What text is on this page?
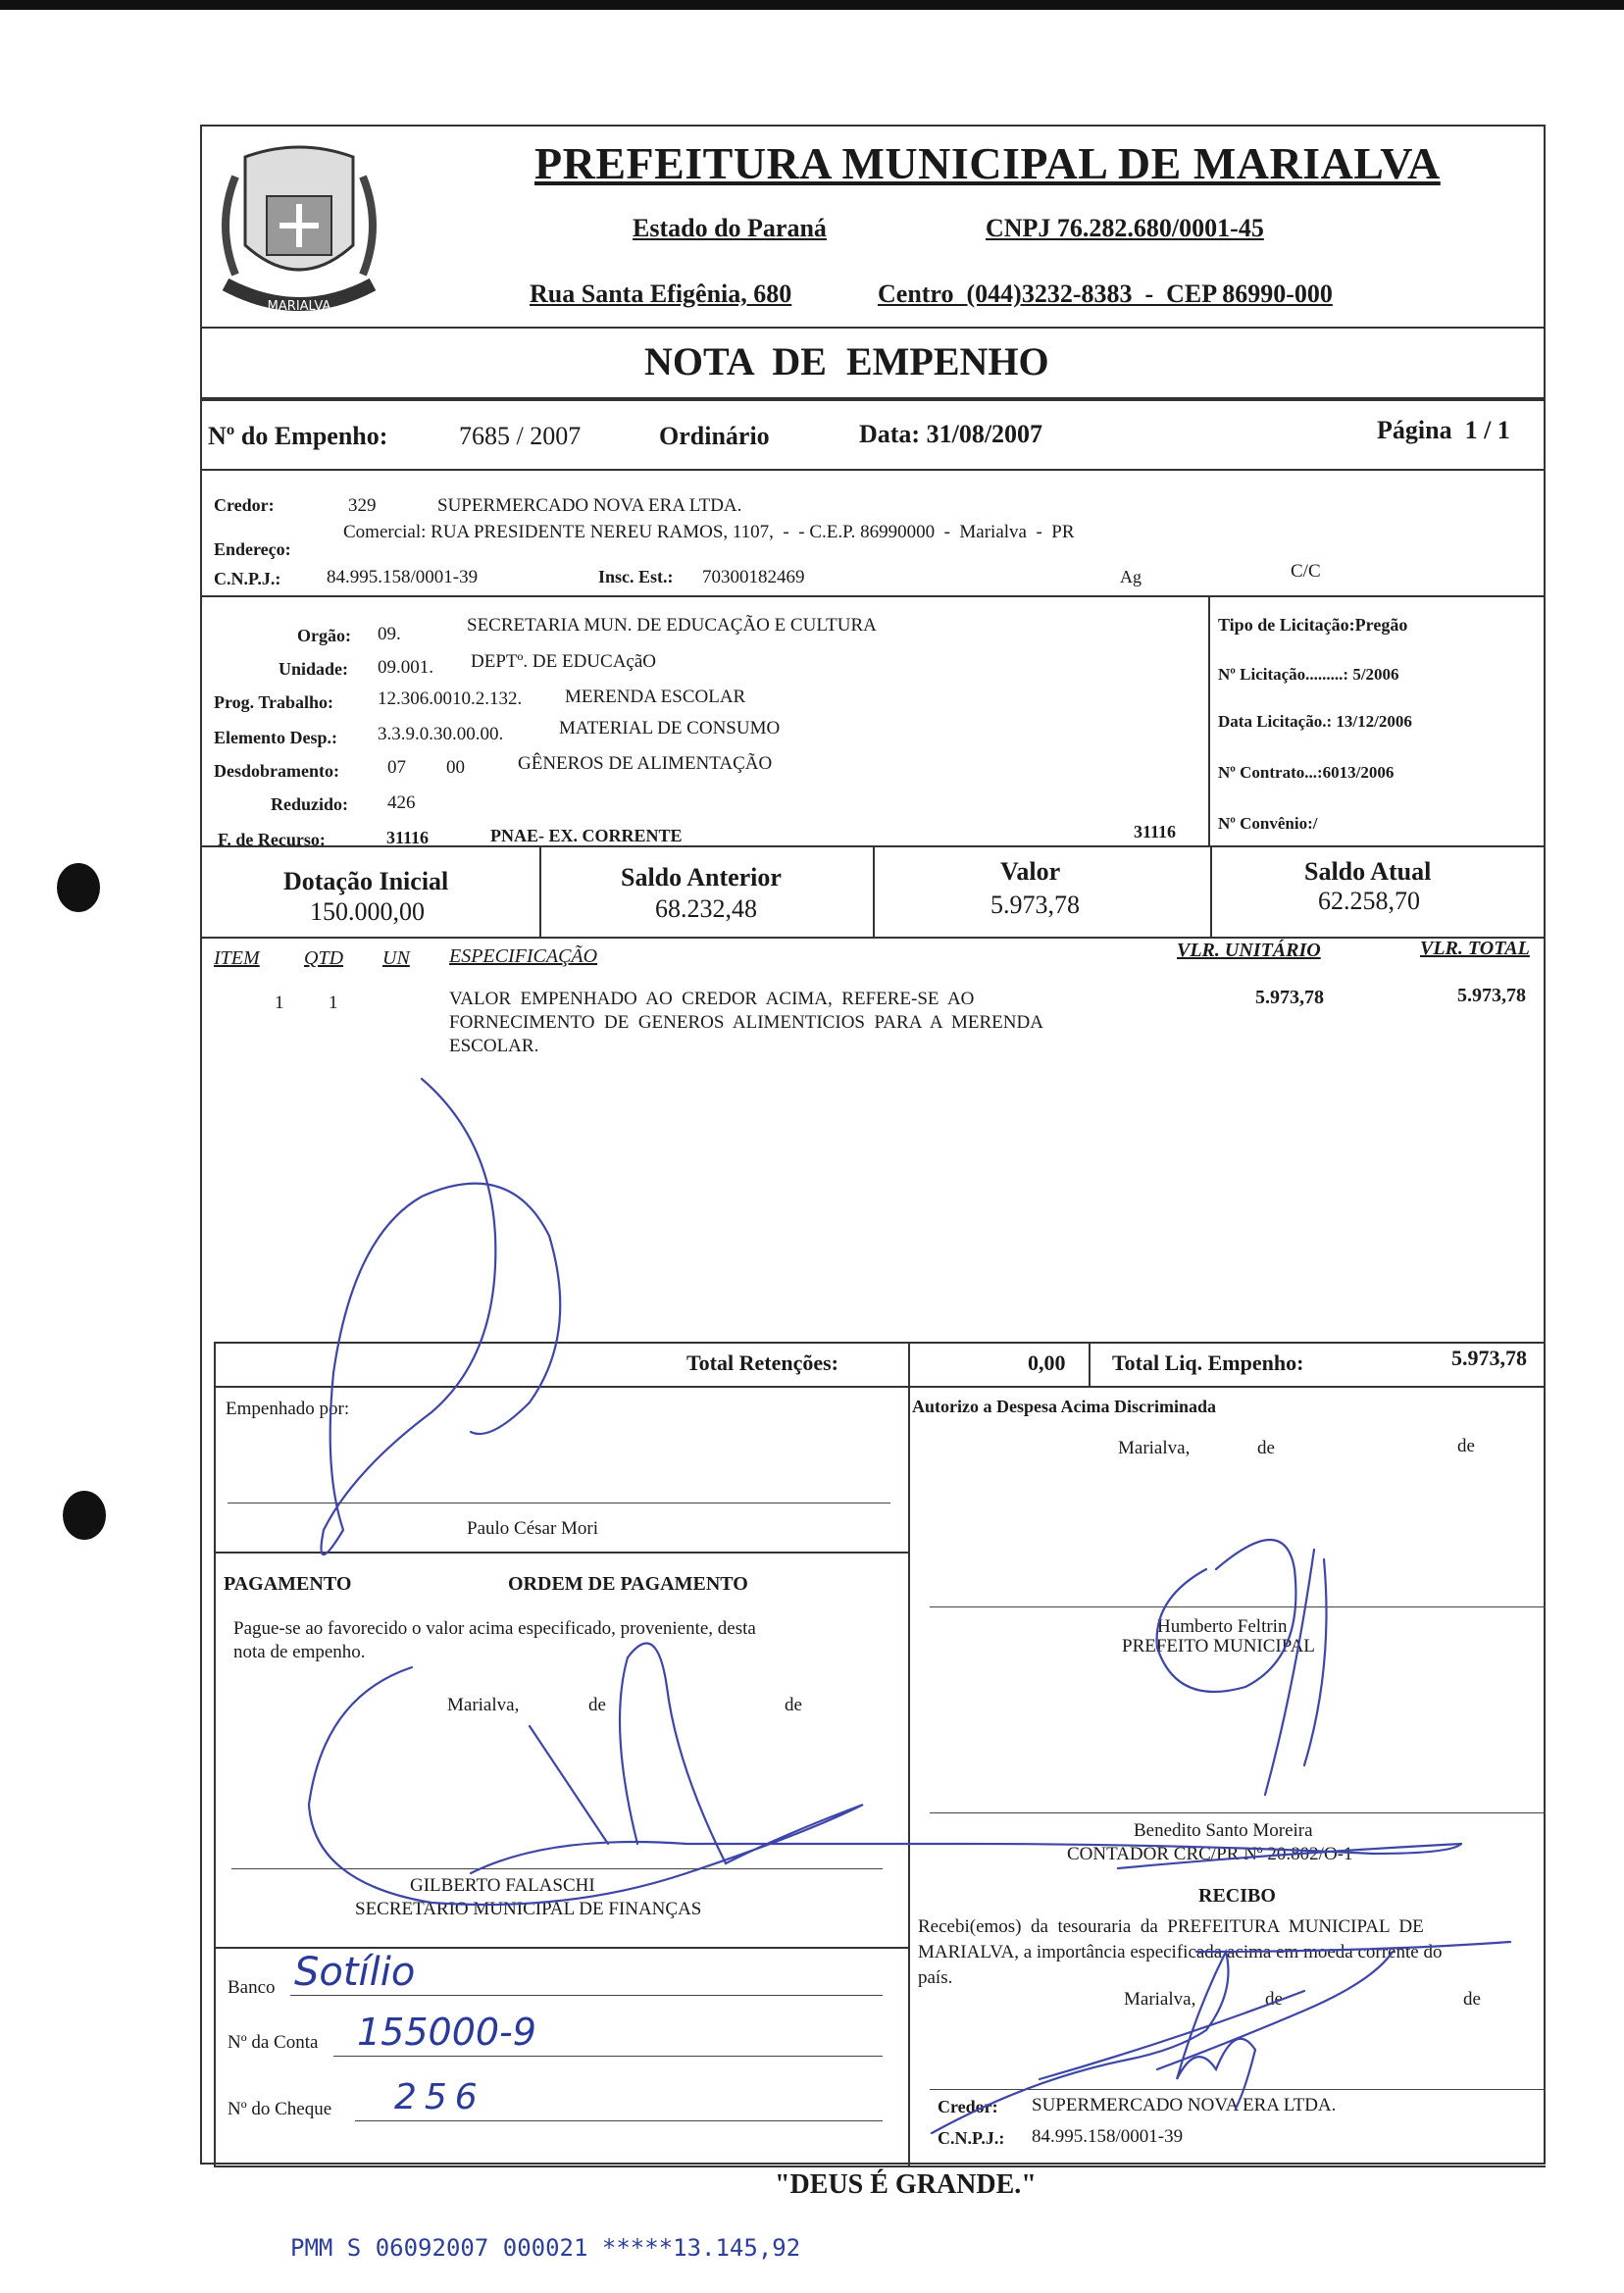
MARIALVA
PREFEITURA MUNICIPAL DE MARIALVA
Estado do Paraná	CNPJ 76.282.680/0001-45
Rua Santa Efigênia, 680	Centro  (044)3232-8383  -  CEP 86990-000
NOTA  DE  EMPENHO
Nº do Empenho:	7685 / 2007	Ordinário	Data: 31/08/2007	Página  1 / 1
Credor:	329	SUPERMERCADO NOVA ERA LTDA.
Endereço:
Comercial: RUA PRESIDENTE NEREU RAMOS, 1107,  -  - C.E.P. 86990000  -  Marialva  -  PR
C.N.P.J.: 84.995.158/0001-39	Insc. Est.: 70300182469	Ag	C/C
Orgão: 09.	SECRETARIA MUN. DE EDUCAÇÃO E CULTURA
Unidade: 09.001. DEPTº. DE EDUCAçãO
Prog. Trabalho: 12.306.0010.2.132. MERENDA ESCOLAR
Elemento Desp.: 3.3.9.0.30.00.00.	MATERIAL DE CONSUMO
Desdobramento:	07 00	GÊNEROS DE ALIMENTAÇÃO
Reduzido: 426
F. de Recurso:	31116	PNAE- EX. CORRENTE	31116
Tipo de Licitação:Pregão
Nº Licitação.........: 5/2006
Data Licitação.: 13/12/2006
Nº Contrato...:6013/2006
Nº Convênio:/
Dotação Inicial
150.000,00
Saldo Anterior
68.232,48
Valor
5.973,78
Saldo Atual
62.258,70
ITEM QTD UN ESPECIFICAÇÃO	VLR. UNITÁRIO	VLR. TOTAL
1 1	VALOR  EMPENHADO  AO  CREDOR  ACIMA,  REFERE-SE  AO
FORNECIMENTO  DE  GENEROS  ALIMENTICIOS  PARA  A  MERENDA
ESCOLAR.
5.973,78	5.973,78
Total Retenções:	0,00 Total Liq. Empenho:	5.973,78
Empenhado por:
Paulo César Mori
Autorizo a Despesa Acima Discriminada
Marialva,	de	de
Humberto Feltrin
PREFEITO MUNICIPAL
Benedito Santo Moreira
CONTADOR CRC/PR Nº 20.802/O-1
PAGAMENTO	ORDEM DE PAGAMENTO
Pague-se ao favorecido o valor acima especificado, proveniente, desta
nota de empenho.
Marialva,	de	de
GILBERTO FALASCHI
SECRETARIO MUNICIPAL DE FINANÇAS
Banco Sotílio
Nº da Conta 155000-9
Nº do Cheque 256
RECIBO
Recebi(emos)  da  tesouraria  da  PREFEITURA  MUNICIPAL  DE
MARIALVA, a importância especificada acima em moeda corrente do
país.
Marialva,	de	de
Credor: SUPERMERCADO NOVA ERA LTDA.
C.N.P.J.: 84.995.158/0001-39
"DEUS É GRANDE."
PMM S 06092007 000021 *****13.145,92
